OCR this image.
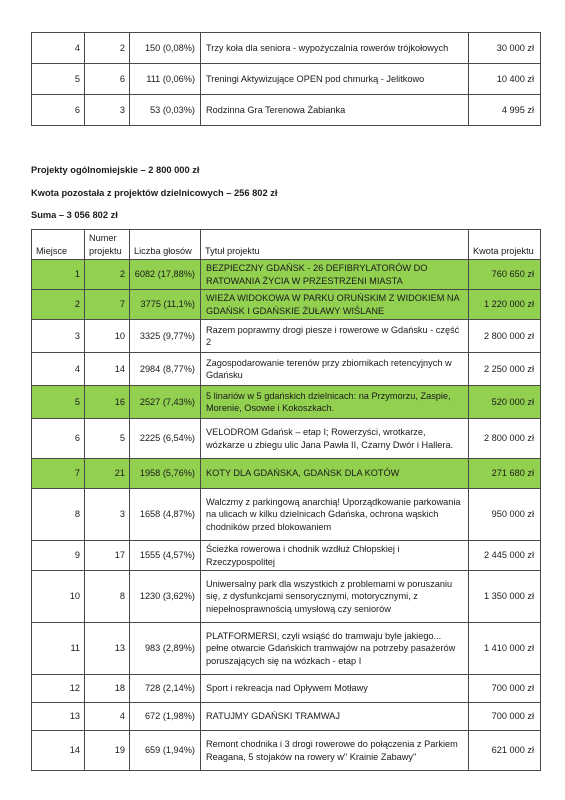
4	2	150 (0,08%)	Trzy koła dla seniora - wypożyczalnia rowerów trójkołowych	30 000 zł
5	6	111 (0,06%)	Treningi Aktywizujące OPEN pod chmurką - Jelitkowo	10 400 zł
6	3	53 (0,03%)	Rodzinna Gra Terenowa Żabianka	4 995 zł

Projekty ogólnomiejskie – 2 800 000 zł

Kwota pozostała z projektów dzielnicowych – 256 802 zł

Suma – 3 056 802 zł

Miejsce	Numer projektu	Liczba głosów	Tytuł projektu	Kwota projektu
1	2	6082 (17,88%)	BEZPIECZNY GDAŃSK - 26 DEFIBRYLATORÓW DO RATOWANIA ŻYCIA W PRZESTRZENI MIASTA	760 650 zł
2	7	3775 (11,1%)	WIEŻA WIDOKOWA W PARKU ORUŃSKIM Z WIDOKIEM NA GDAŃSK I GDAŃSKIE ŻUŁAWY WIŚLANE	1 220 000 zł
3	10	3325 (9,77%)	Razem poprawmy drogi piesze i rowerowe w Gdańsku - część 2	2 800 000 zł
4	14	2984 (8,77%)	Zagospodarowanie terenów przy zbiornikach retencyjnych w Gdańsku	2 250 000 zł
5	16	2527 (7,43%)	5 linariów w 5 gdańskich dzielnicach: na Przymorzu, Zaspie, Morenie, Osowie i Kokoszkach.	520 000 zł
6	5	2225 (6,54%)	VELODROM Gdańsk – etap I; Rowerzyści, wrotkarze, wózkarze u zbiegu ulic Jana Pawła II, Czarny Dwór i Hallera.	2 800 000 zł
7	21	1958 (5,76%)	KOTY DLA GDAŃSKA, GDAŃSK DLA KOTÓW	271 680 zł
8	3	1658 (4,87%)	Walczmy z parkingową anarchią! Uporządkowanie parkowania na ulicach w kilku dzielnicach Gdańska, ochrona wąskich chodników przed blokowaniem	950 000 zł
9	17	1555 (4,57%)	Ścieżka rowerowa i chodnik wzdłuż Chłopskiej i Rzeczypospolitej	2 445 000 zł
10	8	1230 (3,62%)	Uniwersalny park dla wszystkich z problemami w poruszaniu się, z dysfunkcjami sensorycznymi, motorycznymi, z niepełnosprawnością umysłową czy seniorów	1 350 000 zł
11	13	983 (2,89%)	PLATFORMERSI, czyli wsiąść do tramwaju byle jakiego... pełne otwarcie Gdańskich tramwajów na potrzeby pasażerów poruszających się na wózkach - etap I	1 410 000 zł
12	18	728 (2,14%)	Sport i rekreacja nad Opływem Motławy	700 000 zł
13	4	672 (1,98%)	RATUJMY GDAŃSKI TRAMWAJ	700 000 zł
14	19	659 (1,94%)	Remont chodnika i 3 drogi rowerowe do połączenia z Parkiem Reagana, 5 stojaków na rowery w" Krainie Zabawy"	621 000 zł
